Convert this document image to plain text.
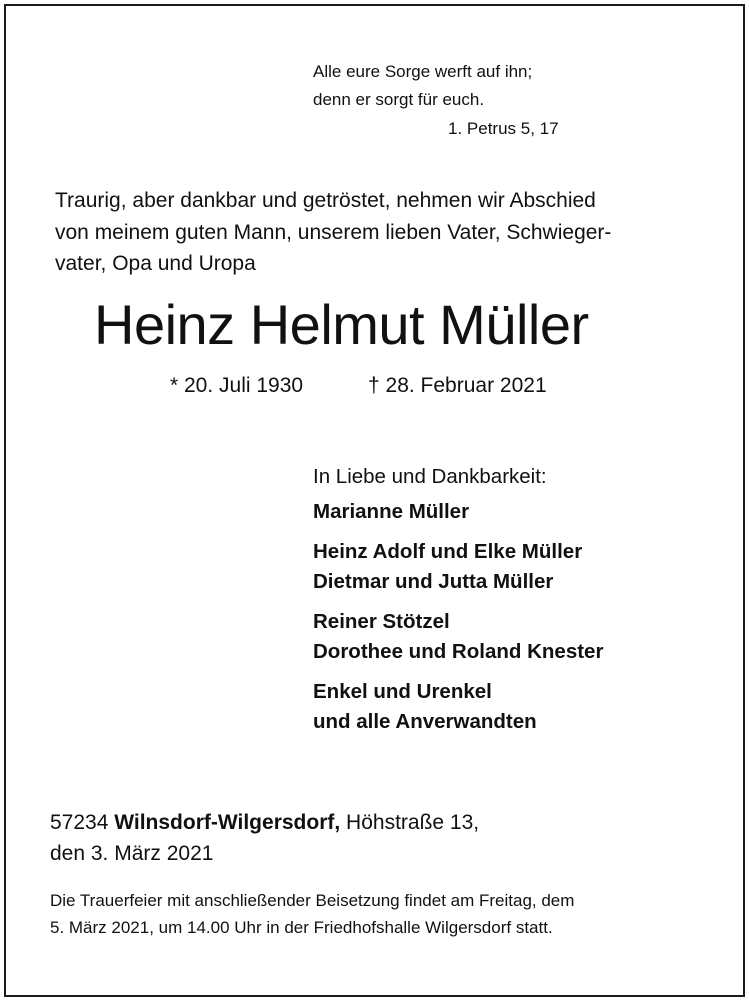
Alle eure Sorge werft auf ihn;
denn er sorgt für euch.
1. Petrus 5, 17
Traurig, aber dankbar und getröstet, nehmen wir Abschied
von meinem guten Mann, unserem lieben Vater, Schwieger-
vater, Opa und Uropa
Heinz Helmut Müller
* 20. Juli 1930	† 28. Februar 2021
In Liebe und Dankbarkeit:
Marianne Müller
Heinz Adolf und Elke Müller
Dietmar und Jutta Müller
Reiner Stötzel
Dorothee und Roland Knester
Enkel und Urenkel
und alle Anverwandten
57234 Wilnsdorf-Wilgersdorf, Höhstraße 13,
den 3. März 2021
Die Trauerfeier mit anschließender Beisetzung findet am Freitag, dem
5. März 2021, um 14.00 Uhr in der Friedhofshalle Wilgersdorf statt.
